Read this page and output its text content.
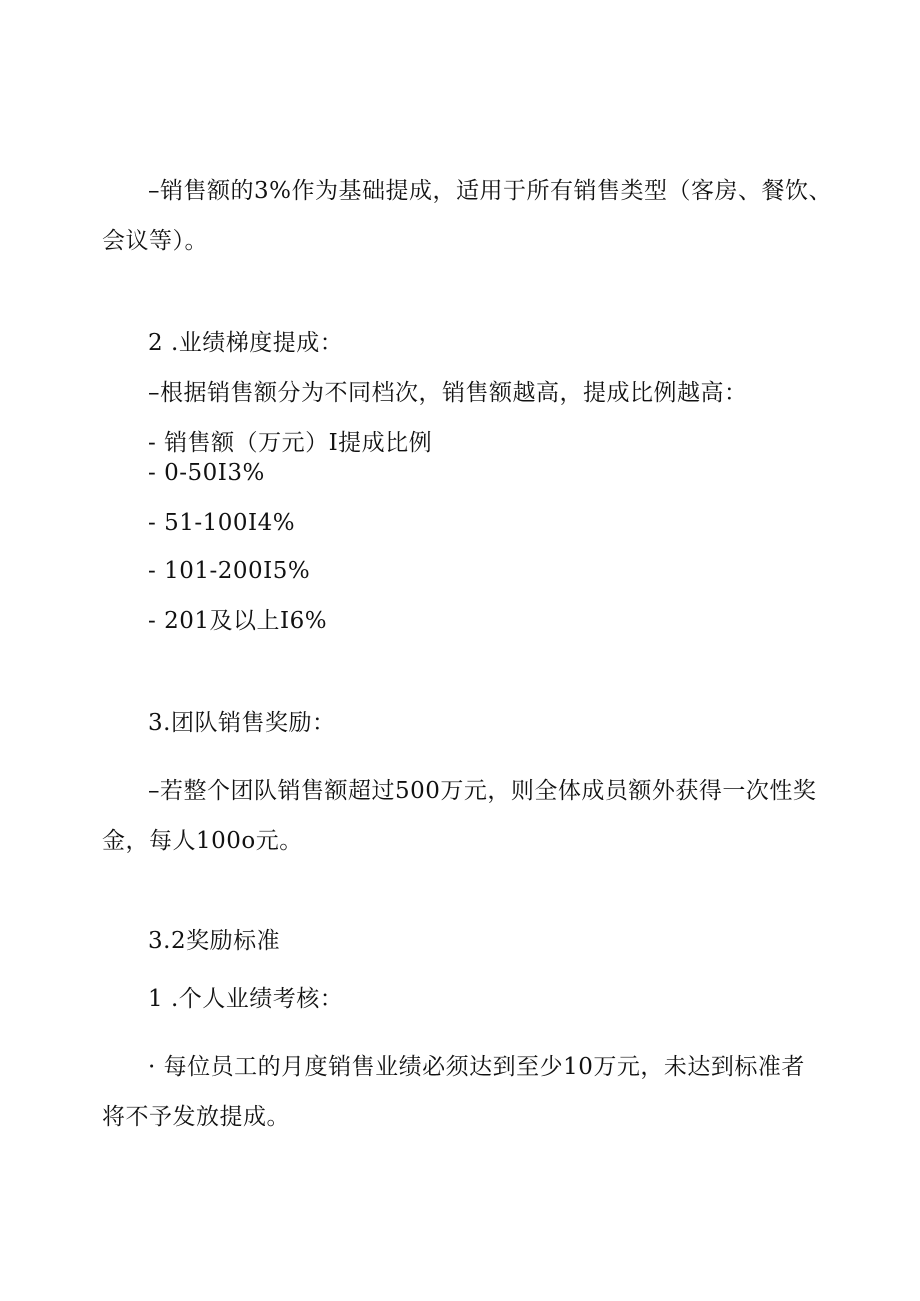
–销售额的3%作为基础提成，适用于所有销售类型（客房、餐饮、
会议等）。
2 .业绩梯度提成：
–根据销售额分为不同档次，销售额越高，提成比例越高：
- 销售额（万元）I提成比例
- 0-50I3%
- 51-100I4%
- 101-200I5%
- 201及以上I6%
3.团队销售奖励：
–若整个团队销售额超过500万元，则全体成员额外获得一次性奖
金，每人100o元。
3.2奖励标准
1 .个人业绩考核：
· 每位员工的月度销售业绩必须达到至少10万元，未达到标准者
将不予发放提成。
